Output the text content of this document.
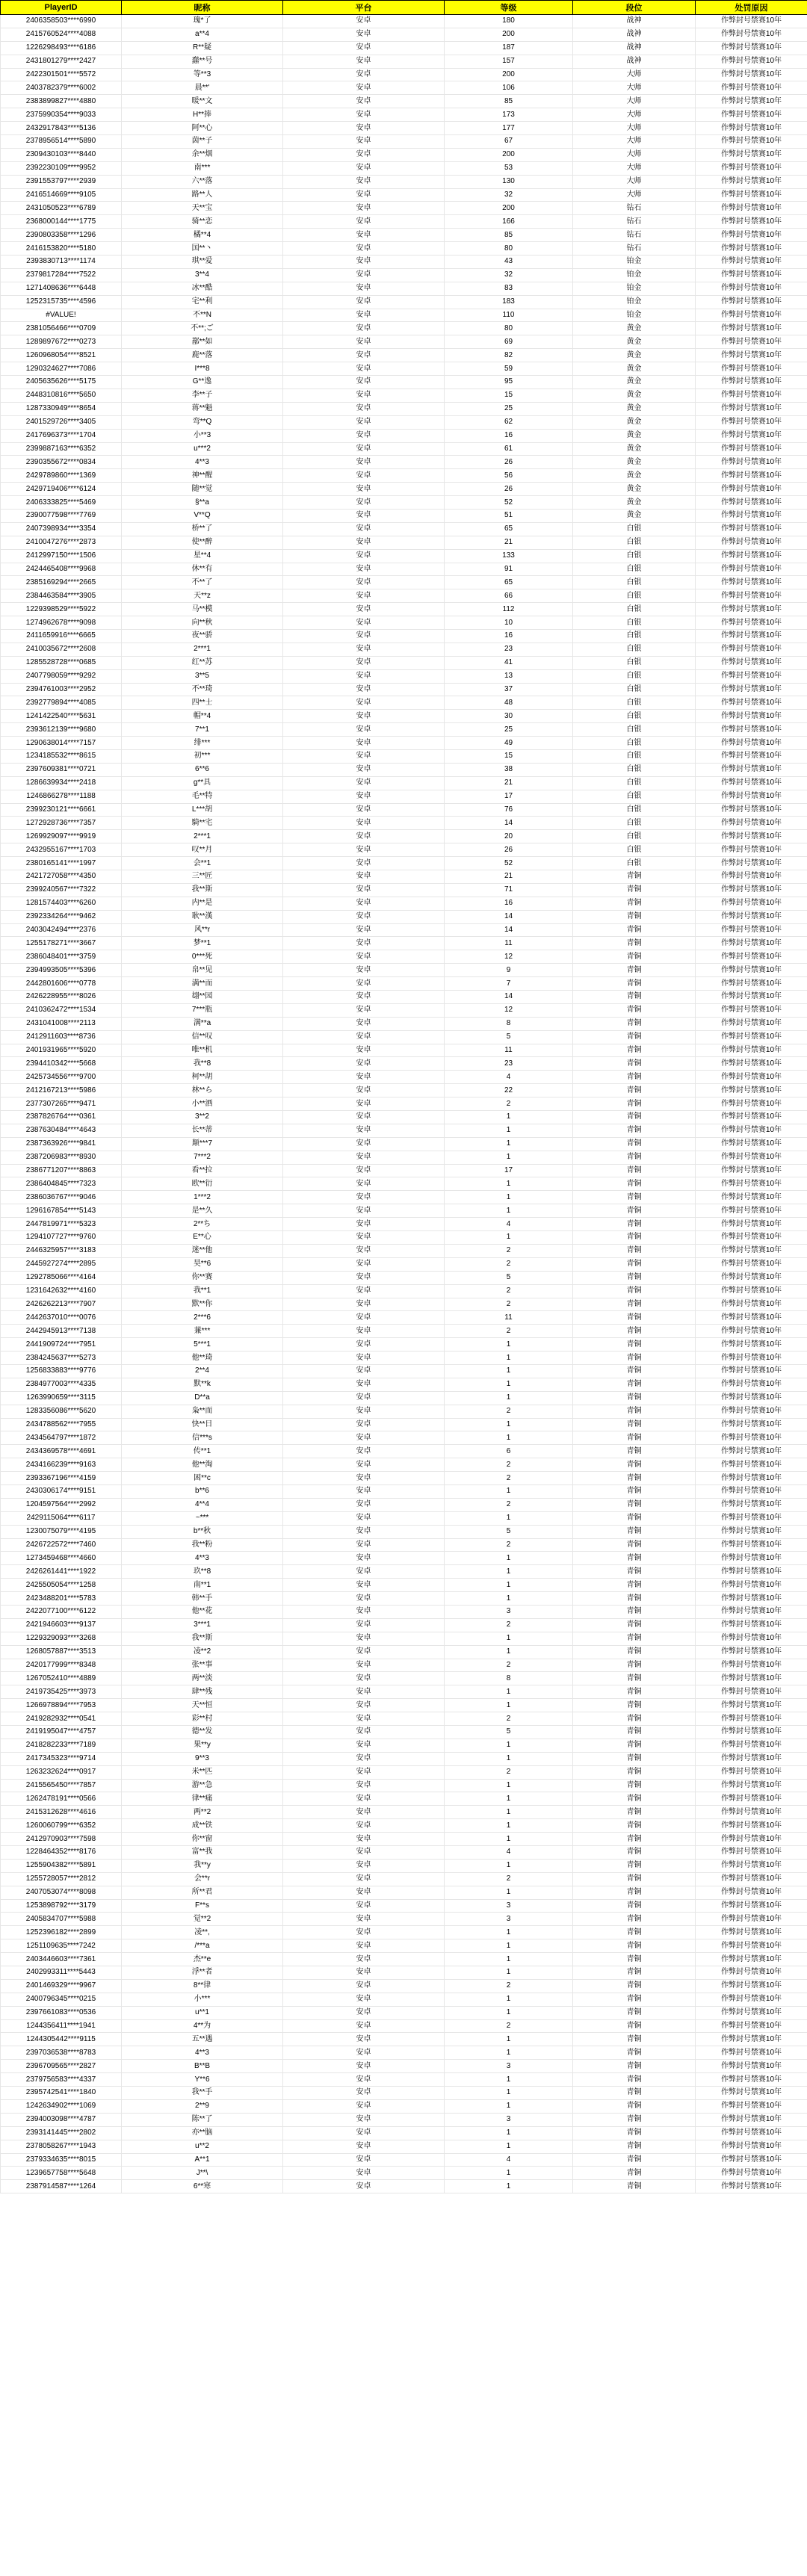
PlayerID	昵称	平台	等级	段位	处罚原因
2406358503****6990	瑰*了	安卓	180	战神	作弊封号禁赛10年
2415760524****4088	a**4	安卓	200	战神	作弊封号禁赛10年
1226298493****6186	R**疑	安卓	187	战神	作弊封号禁赛10年
2431801279****2427	蠢**号	安卓	157	战神	作弊封号禁赛10年
2422301501****5572	等**3	安卓	200	大师	作弊封号禁赛10年
2403782379****6002	晨**'	安卓	106	大师	作弊封号禁赛10年
2383899827****4880	暖**文	安卓	85	大师	作弊封号禁赛10年
2375990354****9033	H**捧	安卓	173	大师	作弊封号禁赛10年
2432917843****5136	阿**心	安卓	177	大师	作弊封号禁赛10年
2378956514****5890	茵**子	安卓	67	大师	作弊封号禁赛10年
2309430103****8440	余**烟	安卓	200	大师	作弊封号禁赛10年
2392230109****9952	南***	安卓	53	大师	作弊封号禁赛10年
2391553797****2939	六**落	安卓	130	大师	作弊封号禁赛10年
2416514669****9105	路**人	安卓	32	大师	作弊封号禁赛10年
2431050523****6789	天**宝	安卓	200	钻石	作弊封号禁赛10年
2368000144****1775	骑**恋	安卓	166	钻石	作弊封号禁赛10年
2390803358****1296	橘**4	安卓	85	钻石	作弊封号禁赛10年
2416153820****5180	国**丶	安卓	80	钻石	作弊封号禁赛10年
2393830713****1174	琪**爱	安卓	43	铂金	作弊封号禁赛10年
2379817284****7522	3**4	安卓	32	铂金	作弊封号禁赛10年
1271408636****6448	冰**酷	安卓	83	铂金	作弊封号禁赛10年
1252315735****4596	宅**利	安卓	183	铂金	作弊封号禁赛10年
#VALUE!	不**N	安卓	110	铂金	作弊封号禁赛10年
2381056466****0709	不**;ご	安卓	80	黄金	作弊封号禁赛10年
1289897672****0273	鄯**如	安卓	69	黄金	作弊封号禁赛10年
1260968054****8521	鹿**落	安卓	82	黄金	作弊封号禁赛10年
1290324627****7086	I***8	安卓	59	黄金	作弊封号禁赛10年
2405635626****5175	G**逸	安卓	95	黄金	作弊封号禁赛10年
2448310816****5650	李**子	安卓	15	黄金	作弊封号禁赛10年
1287330949****8654	蒋**魁	安卓	25	黄金	作弊封号禁赛10年
2401529726****3405	弯**Q	安卓	62	黄金	作弊封号禁赛10年
2417696373****1704	小**3	安卓	16	黄金	作弊封号禁赛10年
2399887163****6352	u***2	安卓	61	黄金	作弊封号禁赛10年
2390355672****0834	4**3	安卓	26	黄金	作弊封号禁赛10年
2429789860****1369	神**醒	安卓	56	黄金	作弊封号禁赛10年
2429719406****6124	随**觉	安卓	26	黄金	作弊封号禁赛10年
2406333825****5469	§**a	安卓	52	黄金	作弊封号禁赛10年
2390077598****7769	V**Q	安卓	51	黄金	作弊封号禁赛10年
2407398934****3354	桥**了	安卓	65	白银	作弊封号禁赛10年
2410047276****2873	使**醉	安卓	21	白银	作弊封号禁赛10年
2412997150****1506	星**4	安卓	133	白银	作弊封号禁赛10年
2424465408****9968	休**有	安卓	91	白银	作弊封号禁赛10年
2385169294****2665	不**了	安卓	65	白银	作弊封号禁赛10年
2384463584****3905	天**z	安卓	66	白银	作弊封号禁赛10年
1229398529****5922	马**模	安卓	112	白银	作弊封号禁赛10年
1274962678****9098	向**秋	安卓	10	白银	作弊封号禁赛10年
2411659916****6665	夜**骄	安卓	16	白银	作弊封号禁赛10年
2410035672****2608	2***1	安卓	23	白银	作弊封号禁赛10年
1285528728****0685	红**苏	安卓	41	白银	作弊封号禁赛10年
2407798059****9292	3**5	安卓	13	白银	作弊封号禁赛10年
2394761003****2952	不**琦	安卓	37	白银	作弊封号禁赛10年
2392779894****4085	四**士	安卓	48	白银	作弊封号禁赛10年
1241422540****5631	帽**4	安卓	30	白银	作弊封号禁赛10年
2393612139****9680	7**1	安卓	25	白银	作弊封号禁赛10年
1290638014****7157	绯***	安卓	49	白银	作弊封号禁赛10年
1234185532****8615	初***	安卓	15	白银	作弊封号禁赛10年
2397609381****0721	6**6	安卓	38	白银	作弊封号禁赛10年
1286639934****2418	g**具	安卓	21	白银	作弊封号禁赛10年
1246866278****1188	毛**特	安卓	17	白银	作弊封号禁赛10年
2399230121****6661	L***胡	安卓	76	白银	作弊封号禁赛10年
1272928736****7357	騎**宅	安卓	14	白银	作弊封号禁赛10年
1269929097****9919	2***1	安卓	20	白银	作弊封号禁赛10年
2432955167****1703	叹**月	安卓	26	白银	作弊封号禁赛10年
2380165141****1997	会**1	安卓	52	白银	作弊封号禁赛10年
2421727058****4350	三**匠	安卓	21	青铜	作弊封号禁赛10年
2399240567****7322	我**斯	安卓	71	青铜	作弊封号禁赛10年
1281574403****6260	内**是	安卓	16	青铜	作弊封号禁赛10年
2392334264****9462	耿**漢	安卓	14	青铜	作弊封号禁赛10年
2403042494****2376	风**r	安卓	14	青铜	作弊封号禁赛10年
1255178271****3667	梦**1	安卓	11	青铜	作弊封号禁赛10年
2386048401****3759	0***死	安卓	12	青铜	作弊封号禁赛10年
2394993505****5396	帛**见	安卓	9	青铜	作弊封号禁赛10年
2442801606****0778	满**而	安卓	7	青铜	作弊封号禁赛10年
2426228955****8026	翃**园	安卓	14	青铜	作弊封号禁赛10年
2410362472****1534	7***瓶	安卓	12	青铜	作弊封号禁赛10年
2431041008****2113	满**a	安卓	8	青铜	作弊封号禁赛10年
2412911603****8736	信**叹	安卓	5	青铜	作弊封号禁赛10年
2401931965****5920	唯**机	安卓	11	青铜	作弊封号禁赛10年
2394410342****5668	我**8	安卓	23	青铜	作弊封号禁赛10年
2425734556****9700	柯**胡	安卓	4	青铜	作弊封号禁赛10年
2412167213****5986	林**ら	安卓	22	青铜	作弊封号禁赛10年
2377307265****9471	小**酒	安卓	2	青铜	作弊封号禁赛10年
2387826764****0361	3**2	安卓	1	青铜	作弊封号禁赛10年
2387630484****4643	长**蒂	安卓	1	青铜	作弊封号禁赛10年
2387363926****9841	颠***7	安卓	1	青铜	作弊封号禁赛10年
2387206983****8930	7***2	安卓	1	青铜	作弊封号禁赛10年
2386771207****8863	看**拉	安卓	17	青铜	作弊封号禁赛10年
2386404845****7323	欧**衍	安卓	1	青铜	作弊封号禁赛10年
2386036767****9046	1***2	安卓	1	青铜	作弊封号禁赛10年
1296167854****5143	是**久	安卓	1	青铜	作弊封号禁赛10年
2447819971****5323	2**ち	安卓	4	青铜	作弊封号禁赛10年
1294107727****9760	E**心	安卓	1	青铜	作弊封号禁赛10年
2446325957****3183	迷**他	安卓	2	青铜	作弊封号禁赛10年
2445927274****2895	昊**6	安卓	2	青铜	作弊封号禁赛10年
1292785066****4164	你**赛	安卓	5	青铜	作弊封号禁赛10年
1231642632****4160	我**1	安卓	2	青铜	作弊封号禁赛10年
2426262213****7907	默**你	安卓	2	青铜	作弊封号禁赛10年
2442637010****0076	2***6	安卓	11	青铜	作弊封号禁赛10年
2442945913****7138	蒹***	安卓	2	青铜	作弊封号禁赛10年
2441909724****7951	5***1	安卓	1	青铜	作弊封号禁赛10年
2384245637****5273	他**琦	安卓	1	青铜	作弊封号禁赛10年
1256833883****9776	2**4	安卓	1	青铜	作弊封号禁赛10年
2384977003****4335	默**k	安卓	1	青铜	作弊封号禁赛10年
1263990659****3115	D**a	安卓	1	青铜	作弊封号禁赛10年
1283356086****5620	枭**而	安卓	2	青铜	作弊封号禁赛10年
2434788562****7955	快**日	安卓	1	青铜	作弊封号禁赛10年
2434564797****1872	信***s	安卓	1	青铜	作弊封号禁赛10年
2434369578****4691	传**1	安卓	6	青铜	作弊封号禁赛10年
2434166239****9163	他**淘	安卓	2	青铜	作弊封号禁赛10年
2393367196****4159	困**c	安卓	2	青铜	作弊封号禁赛10年
2430306174****9151	b**6	安卓	1	青铜	作弊封号禁赛10年
1204597564****2992	4**4	安卓	2	青铜	作弊封号禁赛10年
2429115064****6117	~***	安卓	1	青铜	作弊封号禁赛10年
1230075079****4195	b**秋	安卓	5	青铜	作弊封号禁赛10年
2426722572****7460	我**粉	安卓	2	青铜	作弊封号禁赛10年
1273459468****4660	4**3	安卓	1	青铜	作弊封号禁赛10年
2426261441****1922	玖**8	安卓	1	青铜	作弊封号禁赛10年
2425505054****1258	南**1	安卓	1	青铜	作弊封号禁赛10年
2423488201****5783	韩**手	安卓	1	青铜	作弊封号禁赛10年
2422077100****6122	他**花	安卓	3	青铜	作弊封号禁赛10年
2421946603****9137	3***1	安卓	2	青铜	作弊封号禁赛10年
1229329093****3268	我**斯	安卓	1	青铜	作弊封号禁赛10年
1268057887****3513	凌**2	安卓	1	青铜	作弊封号禁赛10年
2420177999****8348	张**事	安卓	2	青铜	作弊封号禁赛10年
1267052410****4889	两**淡	安卓	8	青铜	作弊封号禁赛10年
2419735425****3973	肆**残	安卓	1	青铜	作弊封号禁赛10年
1266978894****7953	天**恒	安卓	1	青铜	作弊封号禁赛10年
2419282932****0541	彩**村	安卓	2	青铜	作弊封号禁赛10年
2419195047****4757	德**发	安卓	5	青铜	作弊封号禁赛10年
2418282233****7189	果**y	安卓	1	青铜	作弊封号禁赛10年
2417345323****9714	9**3	安卓	1	青铜	作弊封号禁赛10年
1263232624****0917	米**匹	安卓	2	青铜	作弊封号禁赛10年
2415565450****7857	游**急	安卓	1	青铜	作弊封号禁赛10年
1262478191****0566	律**痛	安卓	1	青铜	作弊封号禁赛10年
2415312628****4616	两**2	安卓	1	青铜	作弊封号禁赛10年
1260060799****6352	成**铁	安卓	1	青铜	作弊封号禁赛10年
2412970903****7598	你**窗	安卓	1	青铜	作弊封号禁赛10年
1228464352****8176	富**我	安卓	4	青铜	作弊封号禁赛10年
1255904382****5891	我**y	安卓	1	青铜	作弊封号禁赛10年
1255728057****2812	会**r	安卓	2	青铜	作弊封号禁赛10年
2407053074****8098	所**君	安卓	1	青铜	作弊封号禁赛10年
1253898792****3179	F**s	安卓	3	青铜	作弊封号禁赛10年
2405834707****5988	觉**2	安卓	3	青铜	作弊封号禁赛10年
1252396182****2899	凌**,	安卓	1	青铜	作弊封号禁赛10年
1251109635****7242	/***a	安卓	1	青铜	作弊封号禁赛10年
2403446603****7361	杰**e	安卓	1	青铜	作弊封号禁赛10年
2402993311****5443	浮**者	安卓	1	青铜	作弊封号禁赛10年
2401469329****9967	8**律	安卓	2	青铜	作弊封号禁赛10年
2400796345****0215	小***	安卓	1	青铜	作弊封号禁赛10年
2397661083****0536	u**1	安卓	1	青铜	作弊封号禁赛10年
1244356411****1941	4**为	安卓	2	青铜	作弊封号禁赛10年
1244305442****9115	五**遇	安卓	1	青铜	作弊封号禁赛10年
2397036538****8783	4**3	安卓	1	青铜	作弊封号禁赛10年
2396709565****2827	B**B	安卓	3	青铜	作弊封号禁赛10年
2379756583****4337	Y**6	安卓	1	青铜	作弊封号禁赛10年
2395742541****1840	我**手	安卓	1	青铜	作弊封号禁赛10年
1242634902****1069	2**9	安卓	1	青铜	作弊封号禁赛10年
2394003098****4787	陈**了	安卓	3	青铜	作弊封号禁赛10年
2393141445****2802	亦**脑	安卓	1	青铜	作弊封号禁赛10年
2378058267****1943	u**2	安卓	1	青铜	作弊封号禁赛10年
2379334635****8015	A**1	安卓	4	青铜	作弊封号禁赛10年
1239657758****5648	J**\	安卓	1	青铜	作弊封号禁赛10年
2387914587****1264	6**寒	安卓	1	青铜	作弊封号禁赛10年
